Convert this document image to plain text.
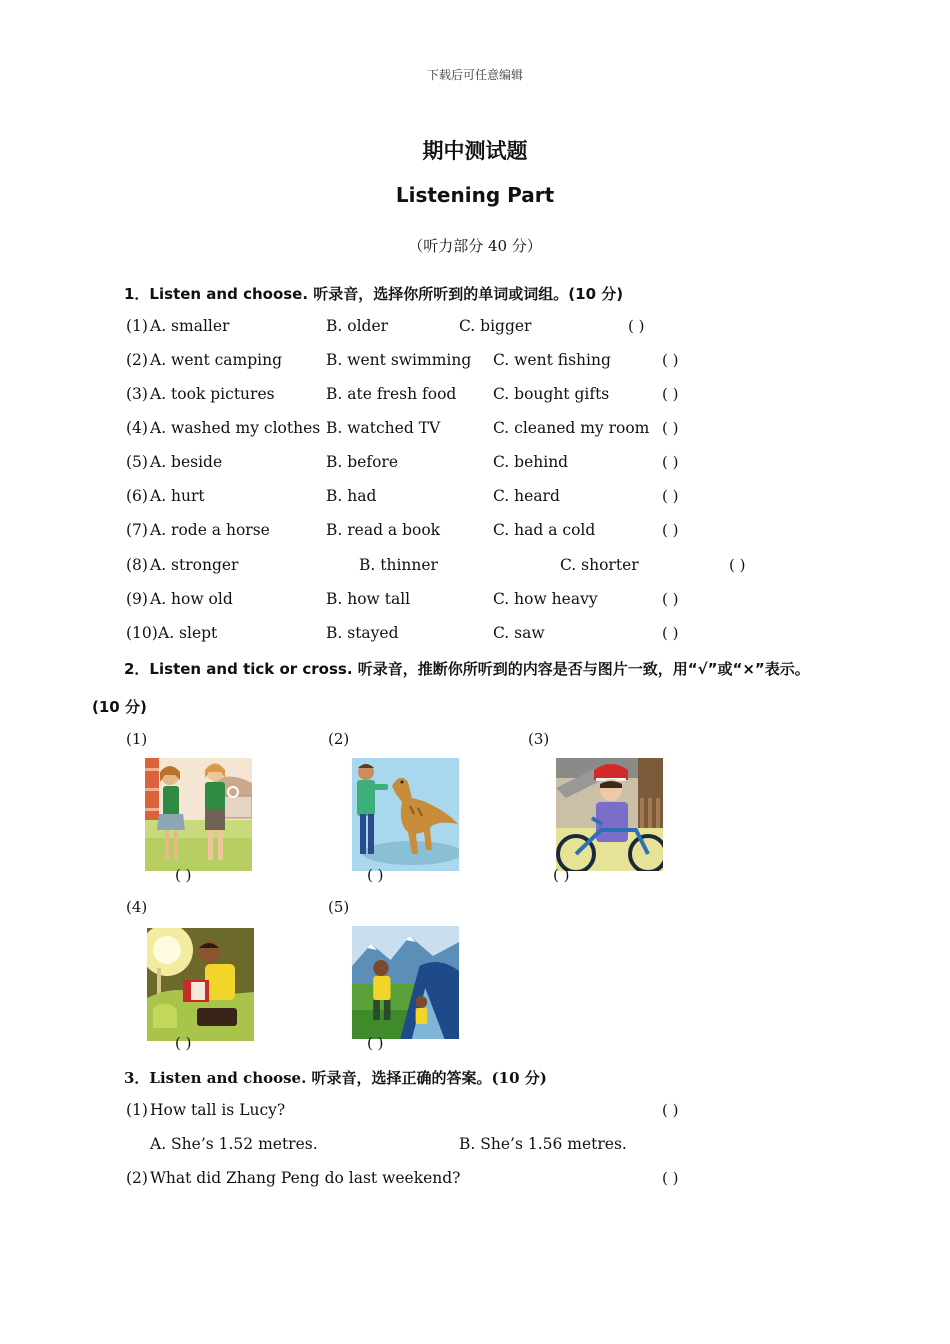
下载后可任意编辑
期中测试题
Listening Part
（听力部分 40 分）
1．Listen and choose. 听录音，选择你所听到的单词或词组。(10 分)
(1) A. smaller	B. older	C. bigger	( )
(2) A. went camping	B. went swimming C. went fishing	( )
(3) A. took pictures	B. ate fresh food C. bought gifts	( )
(4) A. washed my clothes B. watched TV	C. cleaned my room ( )
(5) A. beside	B. before	C. behind	( )
(6) A. hurt	B. had	C. heard	( )
(7) A. rode a horse	B. read a book	C. had a cold	( )
(8) A. stronger	B. thinner	C. shorter	( )
(9) A. how old	B. how tall	C. how heavy	( )
(10) A. slept	B. stayed	C. saw	( )
2．Listen and tick or cross. 听录音，推断你所听到的内容是否与图片一致，用“√”或“×”表示。
(10 分)
(1)	(2)	(3)
(4)	(5)
( )	( )	( )
( )	( )
3．Listen and choose. 听录音，选择正确的答案。(10 分)
(1) How tall is Lucy?	( )
A. She’s 1.52 metres.	B. She’s 1.56 metres.
(2) What did Zhang Peng do last weekend?	( )
